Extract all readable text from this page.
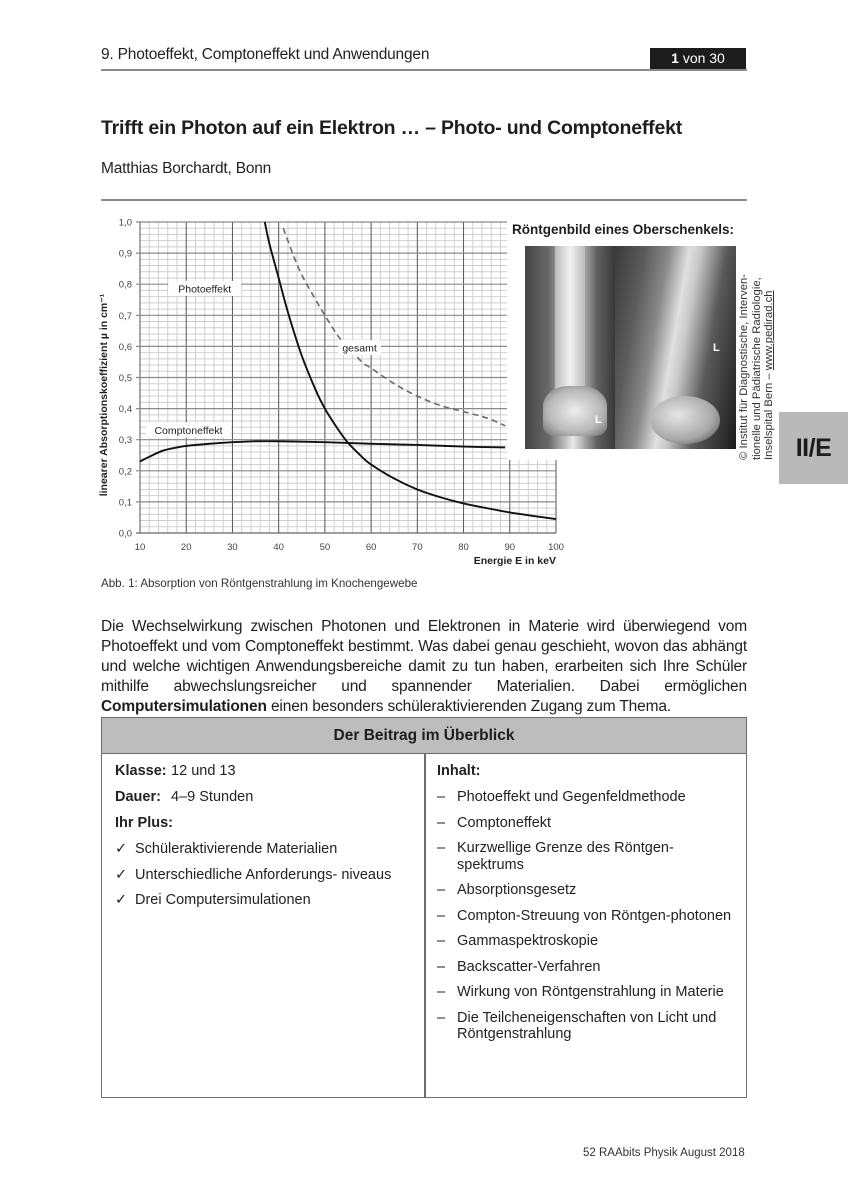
9. Photoeffekt, Comptoneffekt und Anwendungen	1 von 30
Trifft ein Photon auf ein Elektron … – Photo- und Comptoneffekt
Matthias Borchardt, Bonn
0,0
0,1
0,2
0,3
0,4
0,5
0,6
0,7
0,8
0,9
1,0
10	20	30	40	50	60	70	80	90	100
Photoeffekt
gesamt
Comptoneffekt
linearer Absorptionskoeffizient µ in cm⁻¹
Energie E in keV
Röntgenbild eines Oberschenkels:
L
L © Institut für Diagnostische, Interven- tionelle und Pädiatrische Radiologie, Inselspital Bern – www.pedirad.ch
II/E
Abb. 1: Absorption von Röntgenstrahlung im Knochengewebe
Die Wechselwirkung zwischen Photonen und Elektronen in Materie wird überwiegend vom Photoeffekt und vom Comptoneffekt bestimmt. Was dabei genau geschieht, wovon das abhängt und welche wichtigen Anwendungsbereiche damit zu tun haben, erarbeiten sich Ihre Schüler mithilfe abwechslungsreicher und spannender Materialien. Dabei ermöglichen Computersimulationen einen besonders schüleraktivierenden Zugang zum Thema.
Der Beitrag im Überblick
Klasse: 12 und 13
Dauer: 4–9 Stunden
Ihr Plus:
✓ Schüleraktivierende Materialien
✓ Unterschiedliche Anforderungs- niveaus
✓ Drei Computersimulationen
Inhalt:
– Photoeffekt und Gegenfeldmethode
– Comptoneffekt
– Kurzwellige Grenze des Röntgen-spektrums
– Absorptionsgesetz
– Compton-Streuung von Röntgen-photonen
– Gammaspektroskopie
– Backscatter-Verfahren
– Wirkung von Röntgenstrahlung in Materie
– Die Teilcheneigenschaften von Licht und Röntgenstrahlung
52 RAAbits Physik August 2018
